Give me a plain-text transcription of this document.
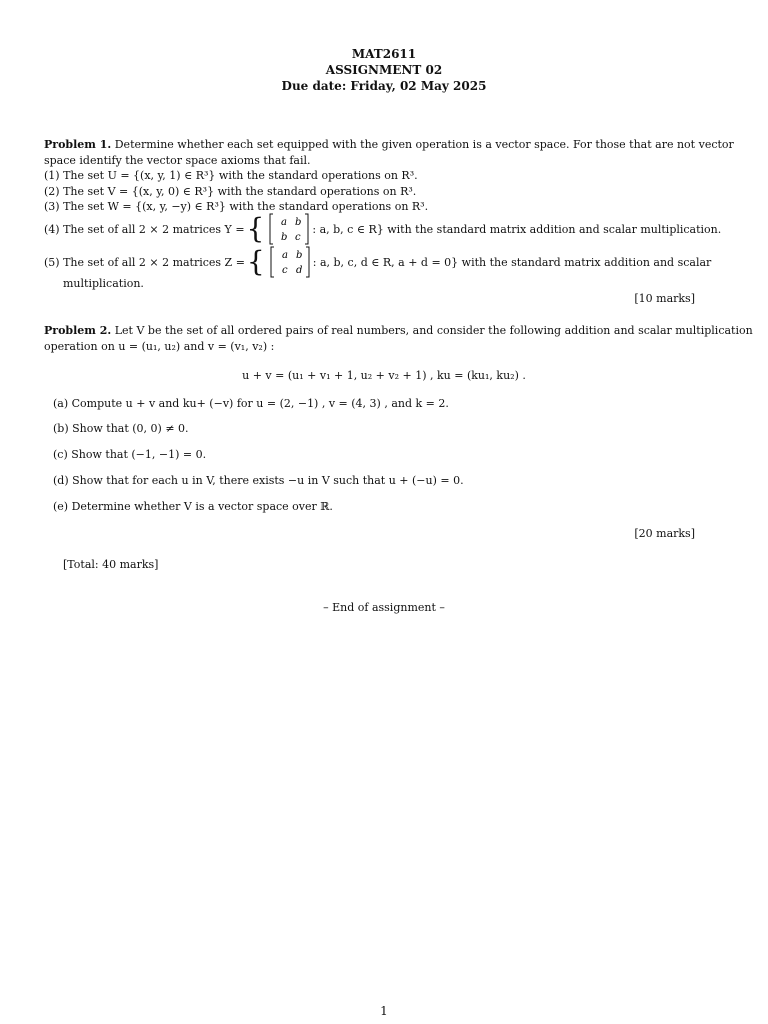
MAT2611
ASSIGNMENT 02
Due date: Friday, 02 May 2025
Problem 1. Determine whether each set equipped with the given operation is a vector space. For those that are not vector
space identify the vector space axioms that fail.
(1) The set U = {(x, y, 1) ∈ R³} with the standard operations on R³.
(2) The set V = {(x, y, 0) ∈ R³} with the standard operations on R³.
(3) The set W = {(x, y, −y) ∈ R³} with the standard operations on R³.
(4) The set of all 2 × 2 matrices Y = { a b
b c
: a, b, c ∈ R} with the standard matrix addition and scalar multiplication.
(5) The set of all 2 × 2 matrices Z = { a b
c d
: a, b, c, d ∈ R, a + d = 0} with the standard matrix addition and scalar
multiplication.
[10 marks]
Problem 2. Let V be the set of all ordered pairs of real numbers, and consider the following addition and scalar multiplication
operation on u = (u₁, u₂) and v = (v₁, v₂) :
u + v = (u₁ + v₁ + 1, u₂ + v₂ + 1) , ku = (ku₁, ku₂) .
(a) Compute u + v and ku+ (−v) for u = (2, −1) , v = (4, 3) , and k = 2.
(b) Show that (0, 0) ≠ 0.
(c) Show that (−1, −1) = 0.
(d) Show that for each u in V, there exists −u in V such that u + (−u) = 0.
(e) Determine whether V is a vector space over ℝ.
[20 marks]
[Total: 40 marks]
– End of assignment –
1
